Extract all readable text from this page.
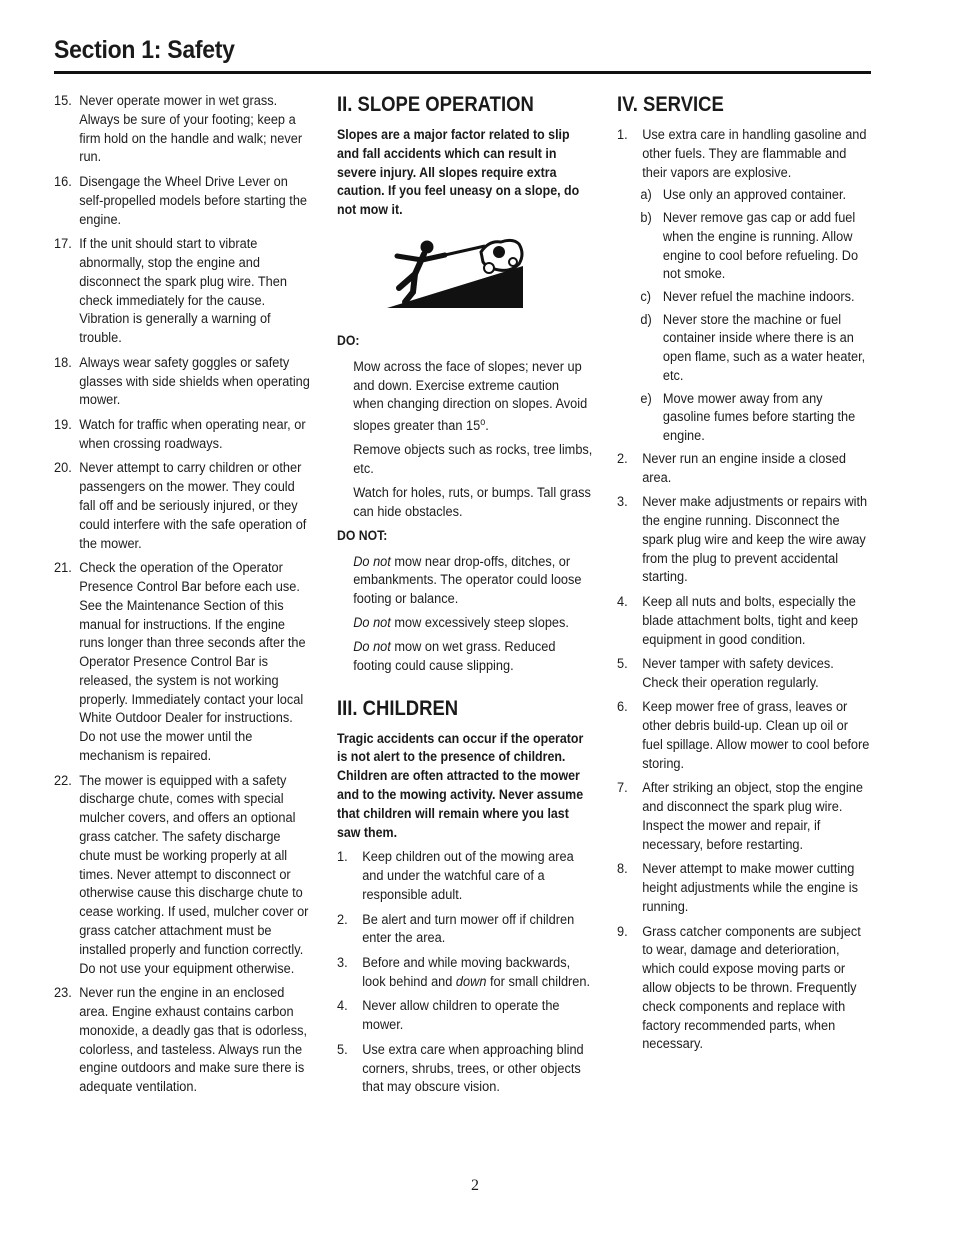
Section 1: Safety
15. Never operate mower in wet grass. Always be sure of your footing; keep a firm hold on the handle and walk; never run.
16. Disengage the Wheel Drive Lever on self-propelled models before starting the engine.
17. If the unit should start to vibrate abnormally, stop the engine and disconnect the spark plug wire. Then check immediately for the cause. Vibration is generally a warning of trouble.
18. Always wear safety goggles or safety glasses with side shields when operating mower.
19. Watch for traffic when operating near, or when crossing roadways.
20. Never attempt to carry children or other passengers on the mower. They could fall off and be seriously injured, or they could interfere with the safe operation of the mower.
21. Check the operation of the Operator Presence Control Bar before each use. See the Maintenance Section of this manual for instructions. If the engine runs longer than three seconds after the Operator Presence Control Bar is released, the system is not working properly. Immediately contact your local White Outdoor Dealer for instructions. Do not use the mower until the mechanism is repaired.
22. The mower is equipped with a safety discharge chute, comes with special mulcher covers, and offers an optional grass catcher. The safety discharge chute must be working properly at all times. Never attempt to disconnect or otherwise cause this discharge chute to cease working. If used, mulcher cover or grass catcher attachment must be installed properly and function correctly. Do not use your equipment otherwise.
23. Never run the engine in an enclosed area. Engine exhaust contains carbon monoxide, a deadly gas that is odorless, colorless, and tasteless. Always run the engine outdoors and make sure there is adequate ventilation.
II. SLOPE OPERATION
Slopes are a major factor related to slip and fall accidents which can result in severe injury. All slopes require extra caution. If you feel uneasy on a slope, do not mow it.
DO:
Mow across the face of slopes; never up and down. Exercise extreme caution when changing direction on slopes. Avoid slopes greater than 15$^o$.
Remove objects such as rocks, tree limbs, etc.
Watch for holes, ruts, or bumps. Tall grass can hide obstacles.
DO NOT:
Do not mow near drop-offs, ditches, or embankments. The operator could loose footing or balance.
Do not mow excessively steep slopes.
Do not mow on wet grass. Reduced footing could cause slipping.
III. CHILDREN
Tragic accidents can occur if the operator is not alert to the presence of children. Children are often attracted to the mower and to the mowing activity. Never assume that children will remain where you last saw them.
1.	Keep children out of the mowing area and under the watchful care of a responsible adult.
2.	Be alert and turn mower off if children enter the area.
3.	Before and while moving backwards, look behind and down for small children.
4.	Never allow children to operate the mower.
5.	Use extra care when approaching blind corners, shrubs, trees, or other objects that may obscure vision.
IV. SERVICE
1.	Use extra care in handling gasoline and other fuels. They are flammable and their vapors are explosive.
a) Use only an approved container.
b) Never remove gas cap or add fuel when the engine is running. Allow engine to cool before refueling. Do not smoke.
c) Never refuel the machine indoors.
d) Never store the machine or fuel container inside where there is an open flame, such as a water heater, etc.
e) Move mower away from any gasoline fumes before starting the engine.
2.	Never run an engine inside a closed area.
3.	Never make adjustments or repairs with the engine running. Disconnect the spark plug wire and keep the wire away from the plug to prevent accidental starting.
4.	Keep all nuts and bolts, especially the blade attachment bolts, tight and keep equipment in good condition.
5.	Never tamper with safety devices. Check their operation regularly.
6.	Keep mower free of grass, leaves or other debris build-up. Clean up oil or fuel spillage. Allow mower to cool before storing.
7.	After striking an object, stop the engine and disconnect the spark plug wire. Inspect the mower and repair, if necessary, before restarting.
8.	Never attempt to make mower cutting height adjustments while the engine is running.
9.	Grass catcher components are subject to wear, damage and deterioration, which could expose moving parts or allow objects to be thrown. Frequently check components and replace with factory recommended parts, when necessary.
2
